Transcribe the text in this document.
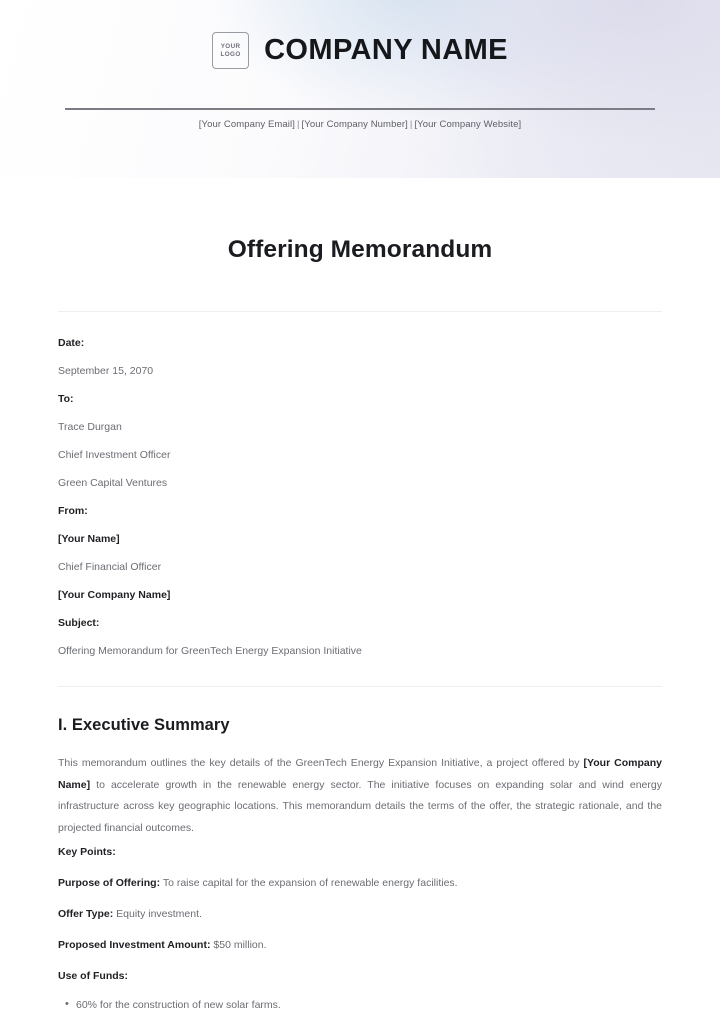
YOUR
LOGO COMPANY NAME
[Your Company Email] | [Your Company Number] | [Your Company Website]
Offering Memorandum

Date:

September 15, 2070

To:

Trace Durgan

Chief Investment Officer

Green Capital Ventures

From:

[Your Name]

Chief Financial Officer

[Your Company Name]

Subject:

Offering Memorandum for GreenTech Energy Expansion Initiative

I. Executive Summary

This memorandum outlines the key details of the GreenTech Energy Expansion Initiative, a project offered by [Your Company Name] to accelerate growth in the renewable energy sector. The initiative focuses on expanding solar and wind energy infrastructure across key geographic locations. This memorandum details the terms of the offer, the strategic rationale, and the projected financial outcomes.

Key Points:

Purpose of Offering: To raise capital for the expansion of renewable energy facilities.

Offer Type: Equity investment.

Proposed Investment Amount: $50 million.

Use of Funds:

• 60% for the construction of new solar farms.
